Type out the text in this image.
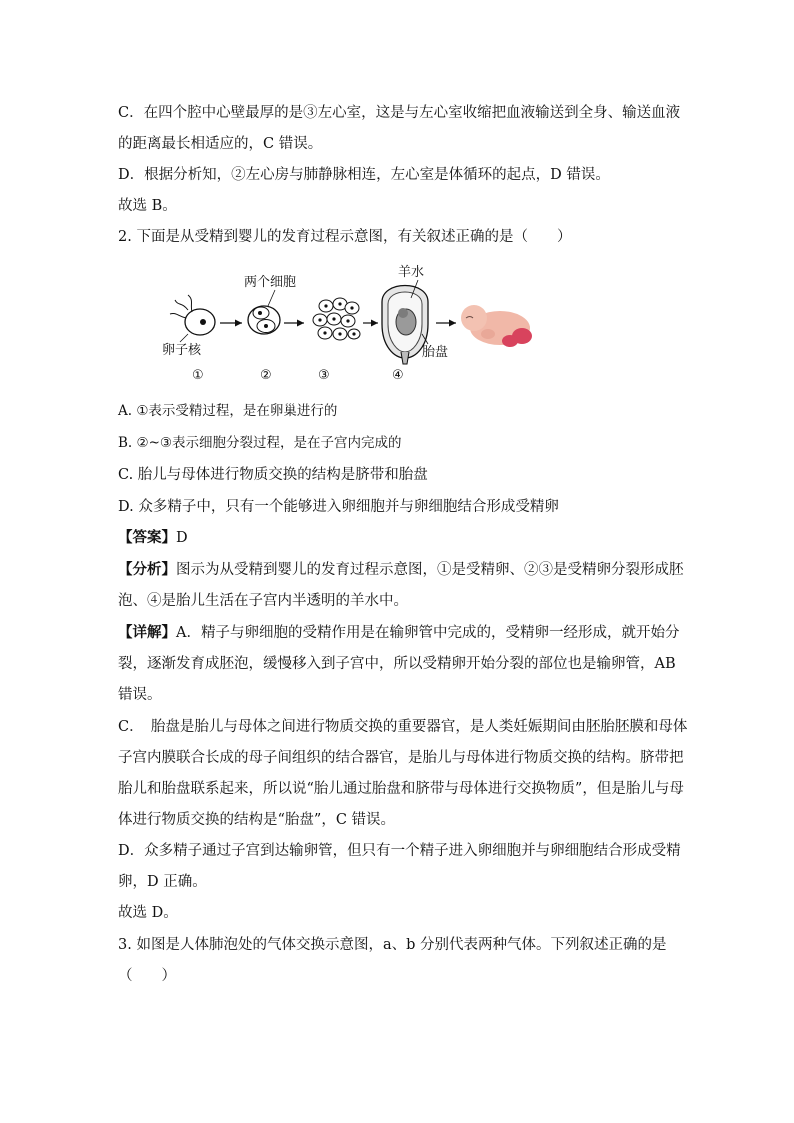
C．在四个腔中心壁最厚的是③左心室，这是与左心室收缩把血液输送到全身、输送血液
的距离最长相适应的，C 错误。
D．根据分析知，②左心房与肺静脉相连，左心室是体循环的起点，D 错误。
故选 B。
2. 下面是从受精到婴儿的发育过程示意图，有关叙述正确的是（　　）
卵子核
①
两个细胞
②	③
羊水
胎盘
④
A. ①表示受精过程，是在卵巢进行的
B. ②~③表示细胞分裂过程，是在子宫内完成的
C. 胎儿与母体进行物质交换的结构是脐带和胎盘
D. 众多精子中，只有一个能够进入卵细胞并与卵细胞结合形成受精卵
【答案】D
【分析】图示为从受精到婴儿的发育过程示意图，①是受精卵、②③是受精卵分裂形成胚
泡、④是胎儿生活在子宫内半透明的羊水中。
【详解】A．精子与卵细胞的受精作用是在输卵管中完成的，受精卵一经形成，就开始分
裂，逐渐发育成胚泡，缓慢移入到子宫中，所以受精卵开始分裂的部位也是输卵管，AB
错误。
C．　胎盘是胎儿与母体之间进行物质交换的重要器官，是人类妊娠期间由胚胎胚膜和母体
子宫内膜联合长成的母子间组织的结合器官，是胎儿与母体进行物质交换的结构。脐带把
胎儿和胎盘联系起来，所以说“胎儿通过胎盘和脐带与母体进行交换物质”，但是胎儿与母
体进行物质交换的结构是“胎盘”，C 错误。
D．众多精子通过子宫到达输卵管，但只有一个精子进入卵细胞并与卵细胞结合形成受精
卵，D 正确。
故选 D。
3. 如图是人体肺泡处的气体交换示意图，a、b 分别代表两种气体。下列叙述正确的是
（　　）
